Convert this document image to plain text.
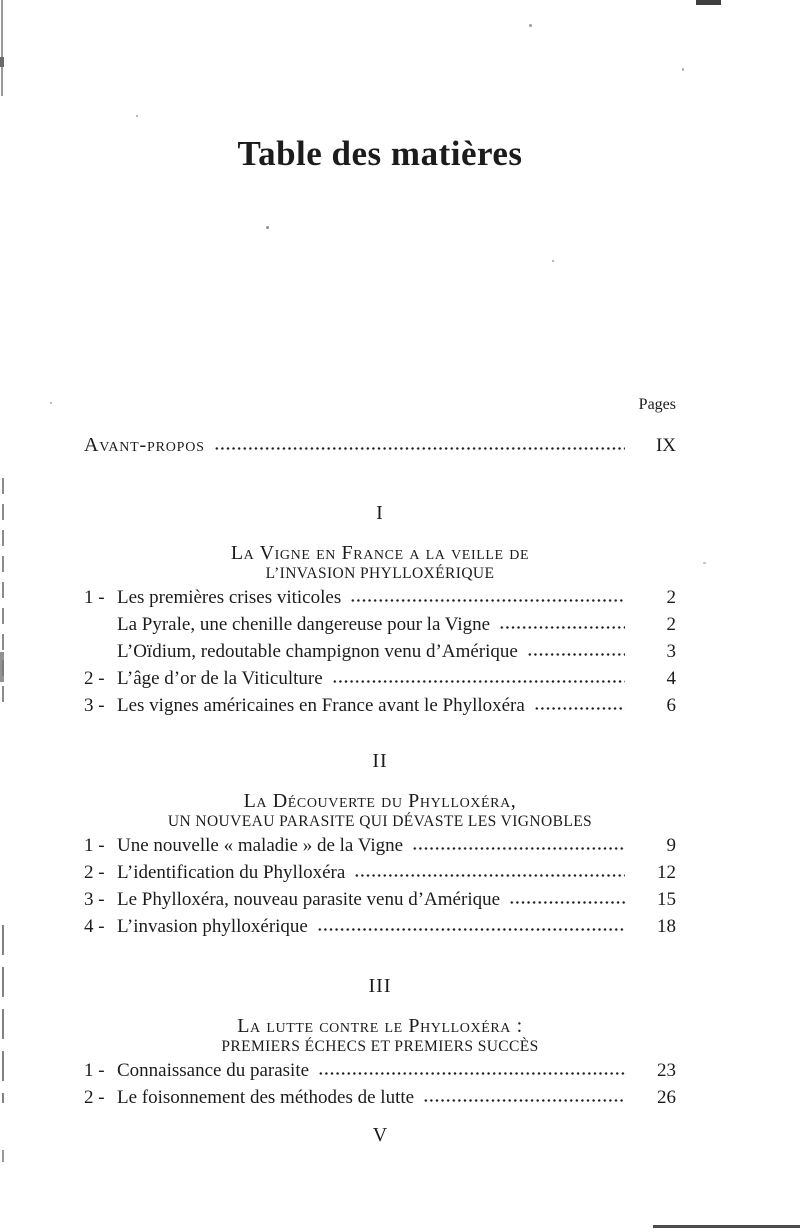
Table des matières
Pages
Avant-propos	IX
I
La Vigne en France a la veille de
L’INVASION PHYLLOXÉRIQUE
1 - Les premières crises viticoles	2
La Pyrale, une chenille dangereuse pour la Vigne	2
L’Oïdium, redoutable champignon venu d’Amérique	3
2 - L’âge d’or de la Viticulture	4
3 - Les vignes américaines en France avant le Phylloxéra	6
II
La Découverte du Phylloxéra,
UN NOUVEAU PARASITE QUI DÉVASTE LES VIGNOBLES
1 - Une nouvelle « maladie » de la Vigne	9
2 - L’identification du Phylloxéra	12
3 - Le Phylloxéra, nouveau parasite venu d’Amérique	15
4 - L’invasion phylloxérique	18
III
La lutte contre le Phylloxéra :
PREMIERS ÉCHECS ET PREMIERS SUCCÈS
1 - Connaissance du parasite	23
2 - Le foisonnement des méthodes de lutte	26
V
